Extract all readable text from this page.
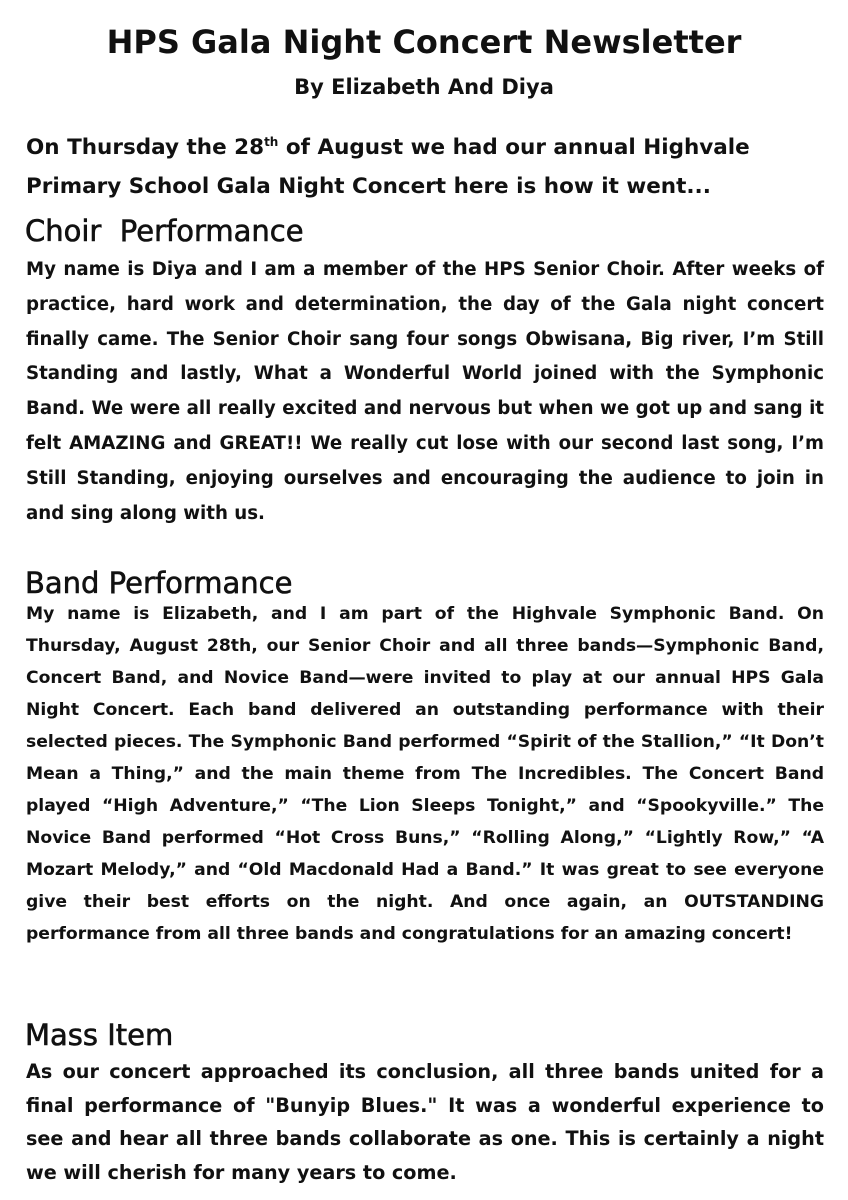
HPS Gala Night Concert Newsletter
By Elizabeth And Diya

On Thursday the 28th of August we had our annual Highvale Primary School Gala Night Concert here is how it went...

Choir  Performance

My name is Diya and I am a member of the HPS Senior Choir. After weeks of practice, hard work and determination, the day of the Gala night concert finally came. The Senior Choir sang four songs Obwisana, Big river, I’m Still Standing and lastly, What a Wonderful World joined with the Symphonic Band. We were all really excited and nervous but when we got up and sang it felt AMAZING and GREAT!! We really cut lose with our second last song, I’m Still Standing, enjoying ourselves and encouraging the audience to join in and sing along with us.

Band Performance

My name is Elizabeth, and I am part of the Highvale Symphonic Band. On Thursday, August 28th, our Senior Choir and all three bands—Symphonic Band, Concert Band, and Novice Band—were invited to play at our annual HPS Gala Night Concert. Each band delivered an outstanding performance with their selected pieces. The Symphonic Band performed “Spirit of the Stallion,” “It Don’t Mean a Thing,” and the main theme from The Incredibles. The Concert Band played “High Adventure,” “The Lion Sleeps Tonight,” and “Spookyville.” The Novice Band performed “Hot Cross Buns,” “Rolling Along,” “Lightly Row,” “A Mozart Melody,” and “Old Macdonald Had a Band.” It was great to see everyone give their best efforts on the night. And once again, an OUTSTANDING performance from all three bands and congratulations for an amazing concert!

Mass Item

As our concert approached its conclusion, all three bands united for a final performance of "Bunyip Blues." It was a wonderful experience to see and hear all three bands collaborate as one. This is certainly a night we will cherish for many years to come.
